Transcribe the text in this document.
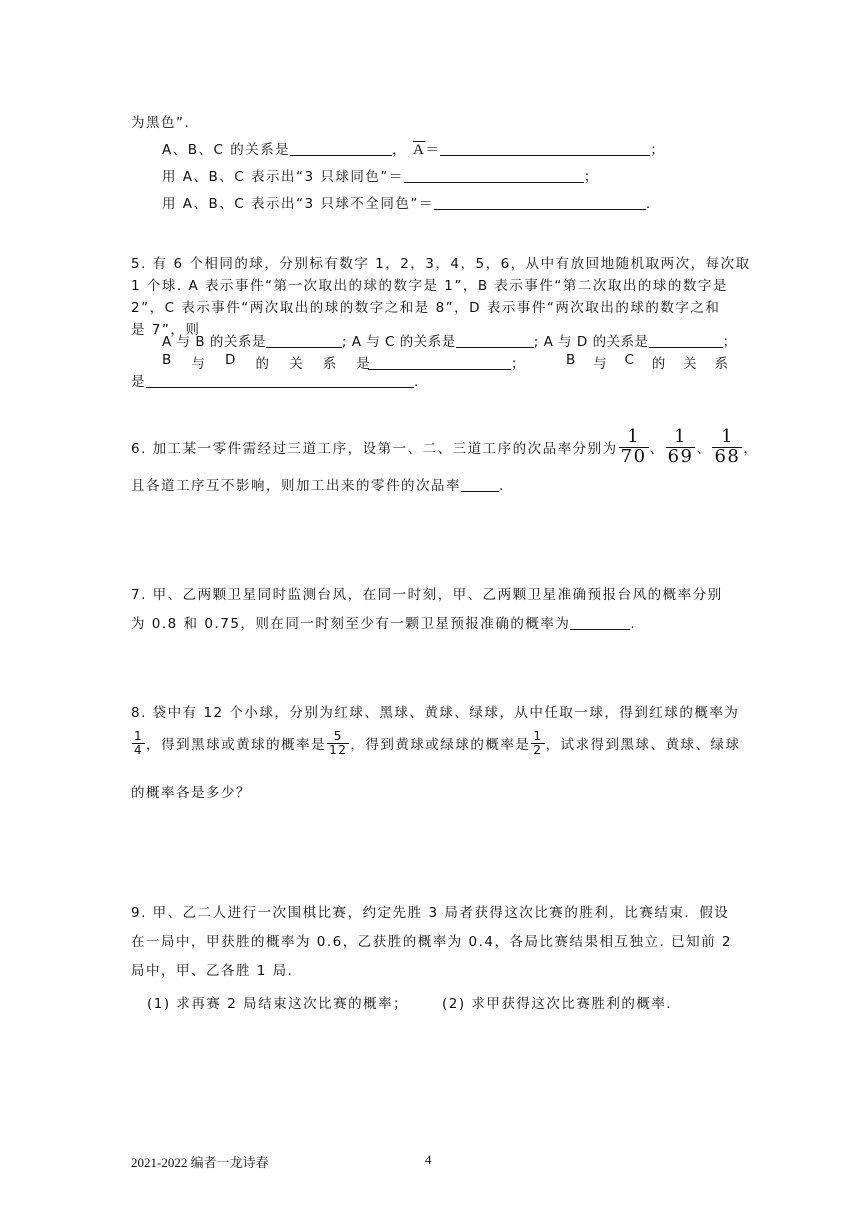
为黑色”.
A、B、C 的关系是	， $\overline{A}=$	；
用 A、B、C 表示出“3 只球同色”＝	；
用 A、B、C 表示出“3 只球不全同色”＝	.
5. 有 6 个相同的球，分别标有数字 1，2，3，4，5，6，从中有放回地随机取两次，每次取
1 个球. A 表示事件“第一次取出的球的数字是 1”，B 表示事件“第二次取出的球的数字是
2”，C 表示事件“两次取出的球的数字之和是 8”，D 表示事件“两次取出的球的数字之和
是 7”，则
A 与 B 的关系是	; A 与 C 的关系是	; A 与 D 的关系是	；
B 与 D 的 关 系 是	；	B 与 C 的 关 系
是	.
6. 加工某一零件需经过三道工序，设第一、二、三道工序的次品率分别为 $\frac{1}{70}$ 、 $\frac{1}{69}$ 、 $\frac{1}{68}$ ，
且各道工序互不影响，则加工出来的零件的次品率	.
7. 甲、乙两颗卫星同时监测台风，在同一时刻，甲、乙两颗卫星准确预报台风的概率分别
为 0.8 和 0.75，则在同一时刻至少有一颗卫星预报准确的概率为	.
8. 袋中有 12 个小球，分别为红球、黑球、黄球、绿球，从中任取一球，得到红球的概率为
$\frac{1}{4}$ ，得到黑球或黄球的概率是 $\frac{5}{12}$ ，得到黄球或绿球的概率是 $\frac{1}{2}$ ，试求得到黑球、黄球、绿球
的概率各是多少？
9. 甲、乙二人进行一次围棋比赛，约定先胜 3 局者获得这次比赛的胜利，比赛结束．假设
在一局中，甲获胜的概率为 0.6，乙获胜的概率为 0.4，各局比赛结果相互独立. 已知前 2
局中，甲、乙各胜 1 局.
(1) 求再赛 2 局结束这次比赛的概率；	(2) 求甲获得这次比赛胜利的概率.
2021-2022 编者一龙诗春	4
